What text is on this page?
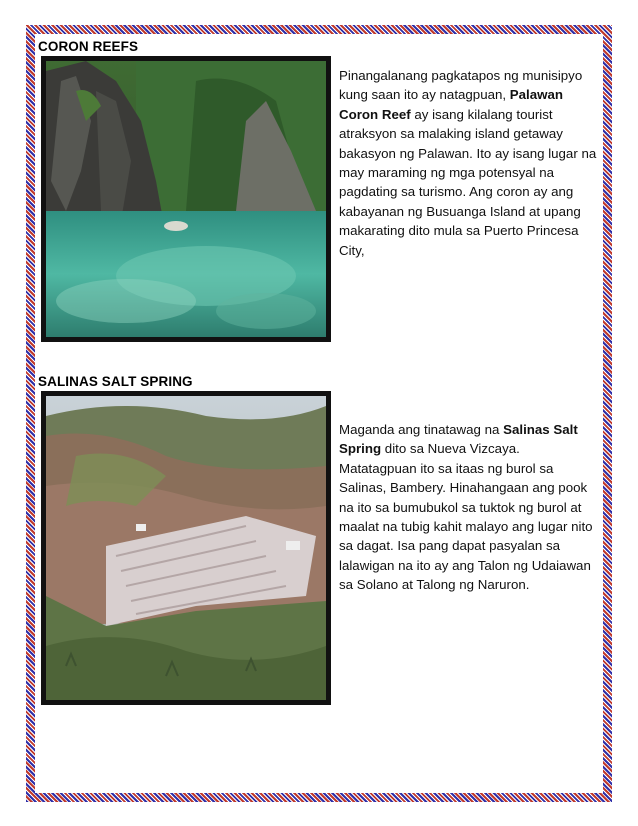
CORON REEFS
Pinangalanang pagkatapos ng munisipyo kung saan ito ay natagpuan, Palawan Coron Reef ay isang kilalang tourist atraksyon sa malaking island getaway bakasyon ng Palawan. Ito ay isang lugar na may maraming ng mga potensyal na pagdating sa turismo. Ang coron ay ang kabayanan ng Busuanga Island at upang makarating dito mula sa Puerto Princesa City,
SALINAS SALT SPRING
Maganda ang tinatawag na Salinas Salt Spring dito sa Nueva Vizcaya. Matatagpuan ito sa itaas ng burol sa Salinas, Bambery. Hinahangaan ang pook na ito sa bumubukol sa tuktok ng burol at maalat na tubig kahit malayo ang lugar nito sa dagat. Isa pang dapat pasyalan sa lalawigan na ito ay ang Talon ng Udaiawan sa Solano at Talong ng Naruron.
